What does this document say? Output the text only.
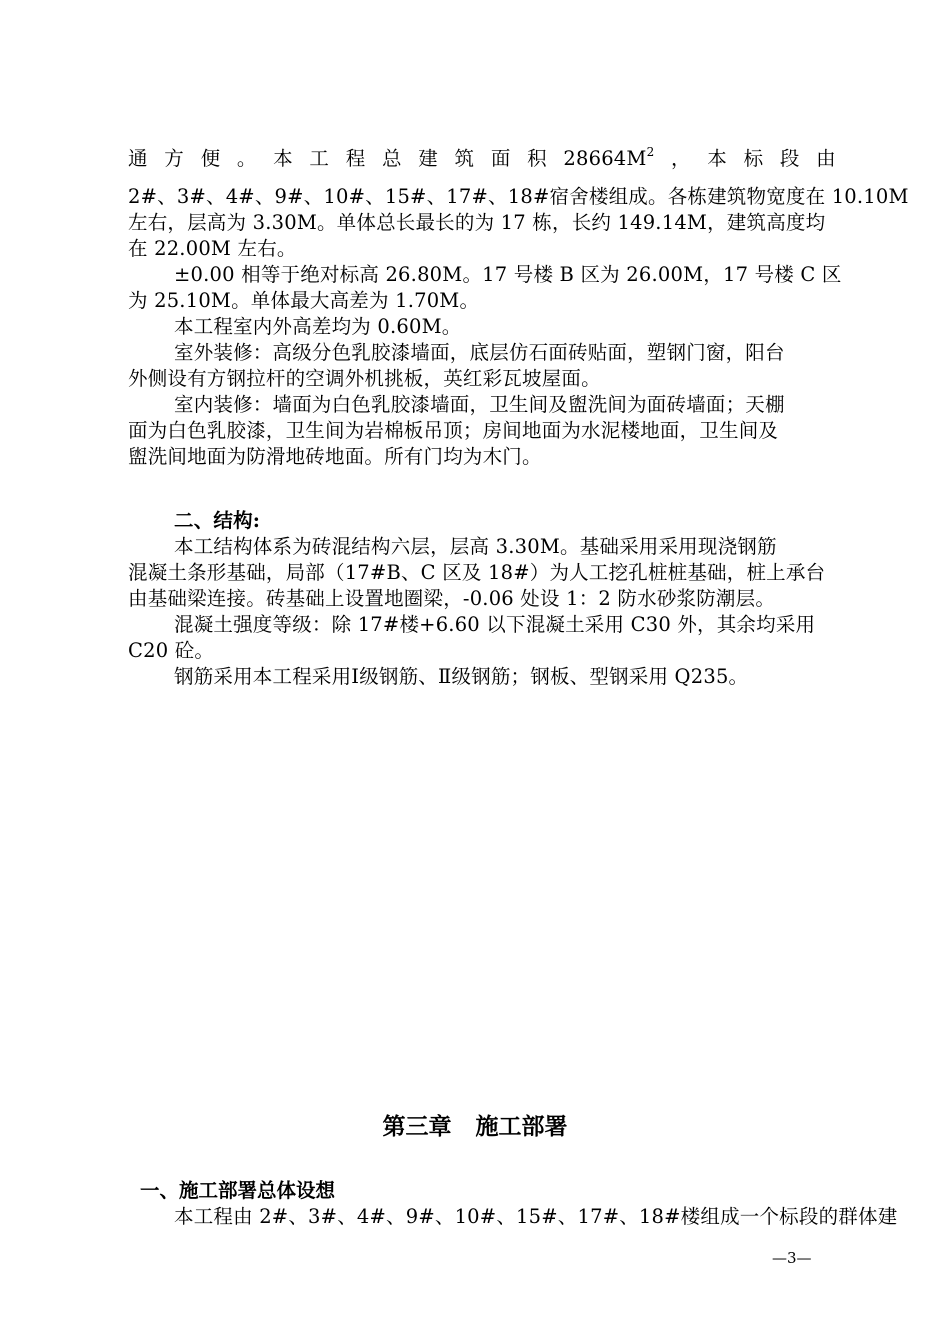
通 方 便 。 本 工 程 总 建 筑 面 积 $28664M^2$ ， 本 标 段 由
2#、3#、4#、9#、10#、15#、17#、18#宿舍楼组成。各栋建筑物宽度在 10.10M
左右，层高为 3.30M。单体总长最长的为 17 栋，长约 149.14M，建筑高度均
在 22.00M 左右。
±0.00 相等于绝对标高 26.80M。17 号楼 B 区为 26.00M，17 号楼 C 区
为 25.10M。单体最大高差为 1.70M。
本工程室内外高差均为 0.60M。
室外装修：高级分色乳胶漆墙面，底层仿石面砖贴面，塑钢门窗，阳台
外侧设有方钢拉杆的空调外机挑板，英红彩瓦坡屋面。
室内装修：墙面为白色乳胶漆墙面，卫生间及盥洗间为面砖墙面；天棚
面为白色乳胶漆，卫生间为岩棉板吊顶；房间地面为水泥楼地面，卫生间及
盥洗间地面为防滑地砖地面。所有门均为木门。
二、结构:
本工结构体系为砖混结构六层，层高 3.30M。基础采用采用现浇钢筋
混凝土条形基础，局部（17#B、C 区及 18#）为人工挖孔桩桩基础，桩上承台
由基础梁连接。砖基础上设置地圈梁，-0.06 处设 1：2 防水砂浆防潮层。
混凝土强度等级：除 17#楼+6.60 以下混凝土采用 C30 外，其余均采用
C20 砼。
钢筋采用本工程采用Ⅰ级钢筋、Ⅱ级钢筋；钢板、型钢采用 Q235。
第三章 施工部署
一、施工部署总体设想
本工程由 2#、3#、4#、9#、10#、15#、17#、18#楼组成一个标段的群体建
—3—
